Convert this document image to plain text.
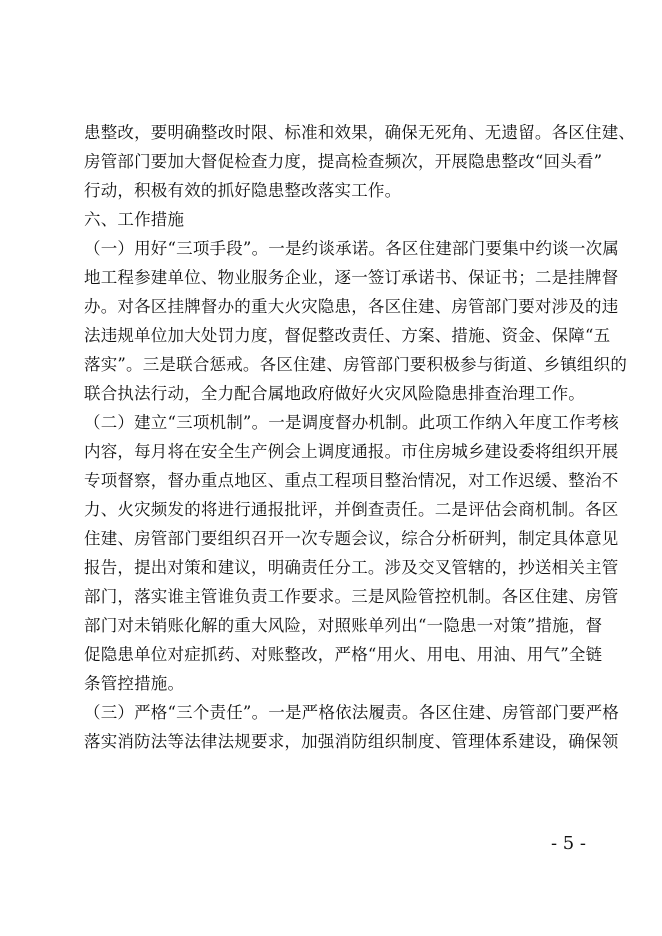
患整改，要明确整改时限、标准和效果，确保无死角、无遗留。各区住建、
房管部门要加大督促检查力度，提高检查频次，开展隐患整改“回头看”
行动，积极有效的抓好隐患整改落实工作。
六、工作措施
（一）用好“三项手段”。一是约谈承诺。各区住建部门要集中约谈一次属
地工程参建单位、物业服务企业，逐一签订承诺书、保证书；二是挂牌督
办。对各区挂牌督办的重大火灾隐患，各区住建、房管部门要对涉及的违
法违规单位加大处罚力度，督促整改责任、方案、措施、资金、保障“五
落实”。三是联合惩戒。各区住建、房管部门要积极参与街道、乡镇组织的
联合执法行动，全力配合属地政府做好火灾风险隐患排查治理工作。
（二）建立“三项机制”。一是调度督办机制。此项工作纳入年度工作考核
内容，每月将在安全生产例会上调度通报。市住房城乡建设委将组织开展
专项督察，督办重点地区、重点工程项目整治情况，对工作迟缓、整治不
力、火灾频发的将进行通报批评，并倒查责任。二是评估会商机制。各区
住建、房管部门要组织召开一次专题会议，综合分析研判，制定具体意见
报告，提出对策和建议，明确责任分工。涉及交叉管辖的，抄送相关主管
部门，落实谁主管谁负责工作要求。三是风险管控机制。各区住建、房管
部门对未销账化解的重大风险，对照账单列出“一隐患一对策”措施，督
促隐患单位对症抓药、对账整改，严格“用火、用电、用油、用气”全链
条管控措施。
（三）严格“三个责任”。一是严格依法履责。各区住建、房管部门要严格
落实消防法等法律法规要求，加强消防组织制度、管理体系建设，确保领
- 5 -
